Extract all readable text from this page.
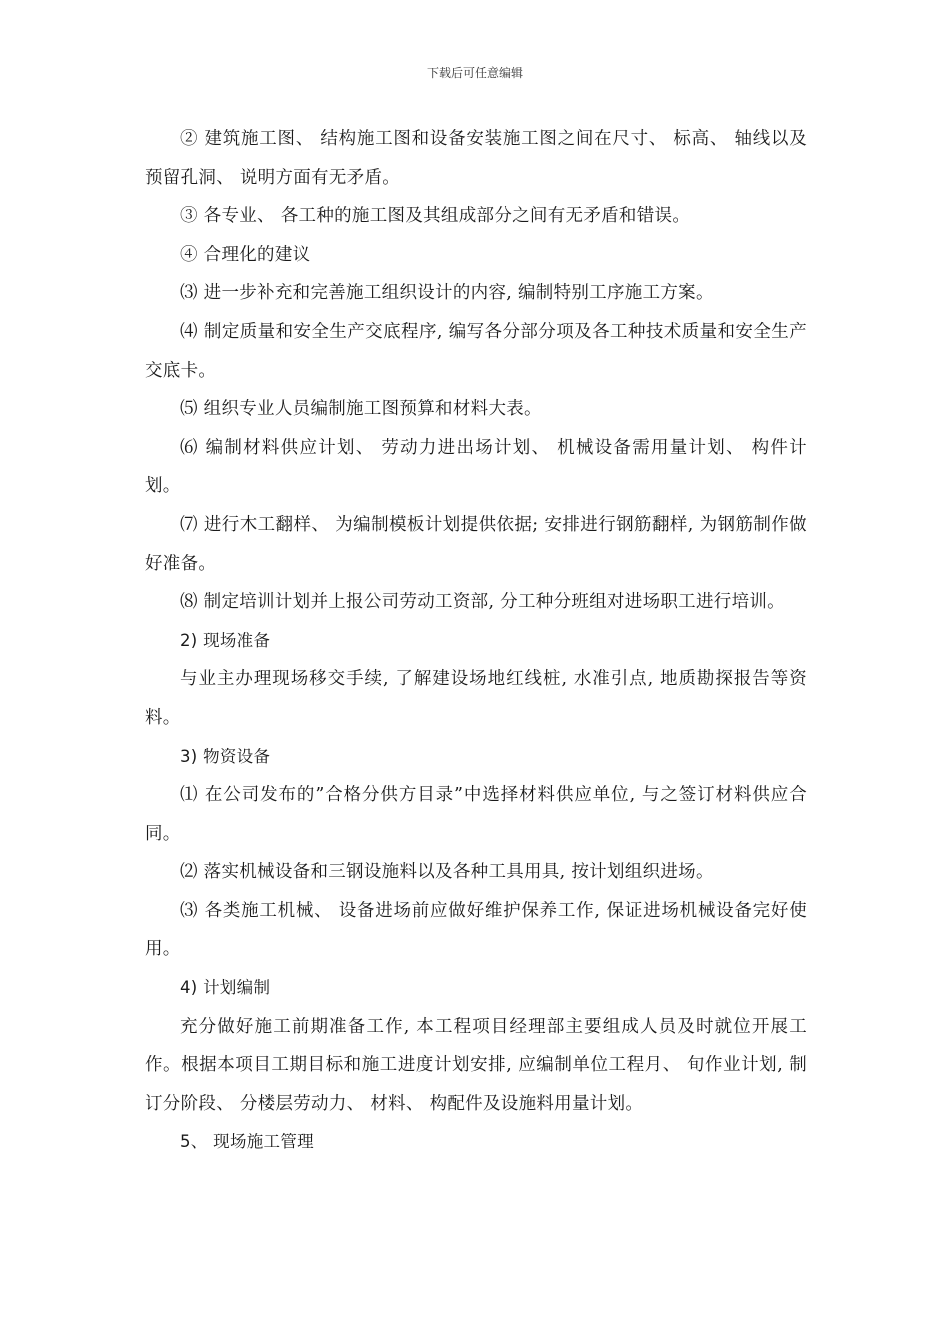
下载后可任意编辑

② 建筑施工图、 结构施工图和设备安装施工图之间在尺寸、 标高、 轴线以及预留孔洞、 说明方面有无矛盾。

③ 各专业、 各工种的施工图及其组成部分之间有无矛盾和错误。

④ 合理化的建议

⑶ 进一步补充和完善施工组织设计的内容, 编制特别工序施工方案。

⑷ 制定质量和安全生产交底程序, 编写各分部分项及各工种技术质量和安全生产交底卡。

⑸ 组织专业人员编制施工图预算和材料大表。

⑹ 编制材料供应计划、 劳动力进出场计划、 机械设备需用量计划、 构件计划。

⑺ 进行木工翻样、 为编制模板计划提供依据; 安排进行钢筋翻样, 为钢筋制作做好准备。

⑻ 制定培训计划并上报公司劳动工资部, 分工种分班组对进场职工进行培训。

2) 现场准备

与业主办理现场移交手续, 了解建设场地红线桩, 水准引点, 地质勘探报告等资料。

3) 物资设备

⑴ 在公司发布的”合格分供方目录”中选择材料供应单位, 与之签订材料供应合同。

⑵ 落实机械设备和三钢设施料以及各种工具用具, 按计划组织进场。

⑶ 各类施工机械、 设备进场前应做好维护保养工作, 保证进场机械设备完好使用。

4) 计划编制

充分做好施工前期准备工作, 本工程项目经理部主要组成人员及时就位开展工作。根据本项目工期目标和施工进度计划安排, 应编制单位工程月、 旬作业计划, 制订分阶段、 分楼层劳动力、 材料、 构配件及设施料用量计划。

5、 现场施工管理
